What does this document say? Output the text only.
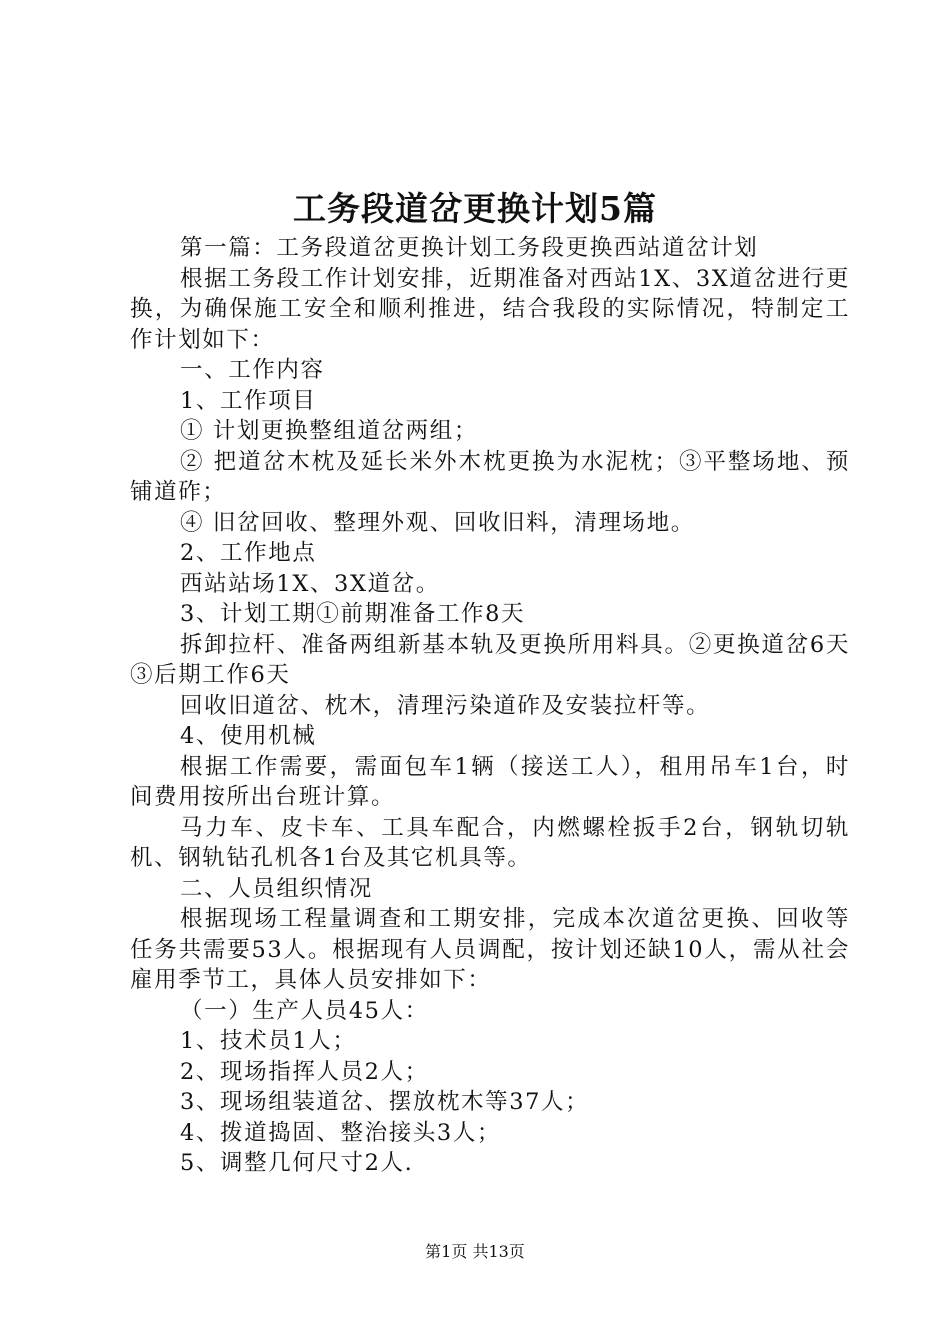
工务段道岔更换计划5篇

第一篇：工务段道岔更换计划工务段更换西站道岔计划

根据工务段工作计划安排，近期准备对西站1X、3X道岔进行更换，为确保施工安全和顺利推进，结合我段的实际情况，特制定工作计划如下：

一、工作内容

1、工作项目

① 计划更换整组道岔两组；

② 把道岔木枕及延长米外木枕更换为水泥枕；③平整场地、预铺道砟；

④ 旧岔回收、整理外观、回收旧料，清理场地。

2、工作地点

西站站场1X、3X道岔。

3、计划工期①前期准备工作8天

拆卸拉杆、准备两组新基本轨及更换所用料具。②更换道岔6天③后期工作6天

回收旧道岔、枕木，清理污染道砟及安装拉杆等。

4、使用机械

根据工作需要，需面包车1辆（接送工人），租用吊车1台，时间费用按所出台班计算。

马力车、皮卡车、工具车配合，内燃螺栓扳手2台，钢轨切轨机、钢轨钻孔机各1台及其它机具等。

二、人员组织情况

根据现场工程量调查和工期安排，完成本次道岔更换、回收等任务共需要53人。根据现有人员调配，按计划还缺10人，需从社会雇用季节工，具体人员安排如下：

（一）生产人员45人：

1、技术员1人；

2、现场指挥人员2人；

3、现场组装道岔、摆放枕木等37人；

4、拨道捣固、整治接头3人；

5、调整几何尺寸2人.

第1页 共13页
